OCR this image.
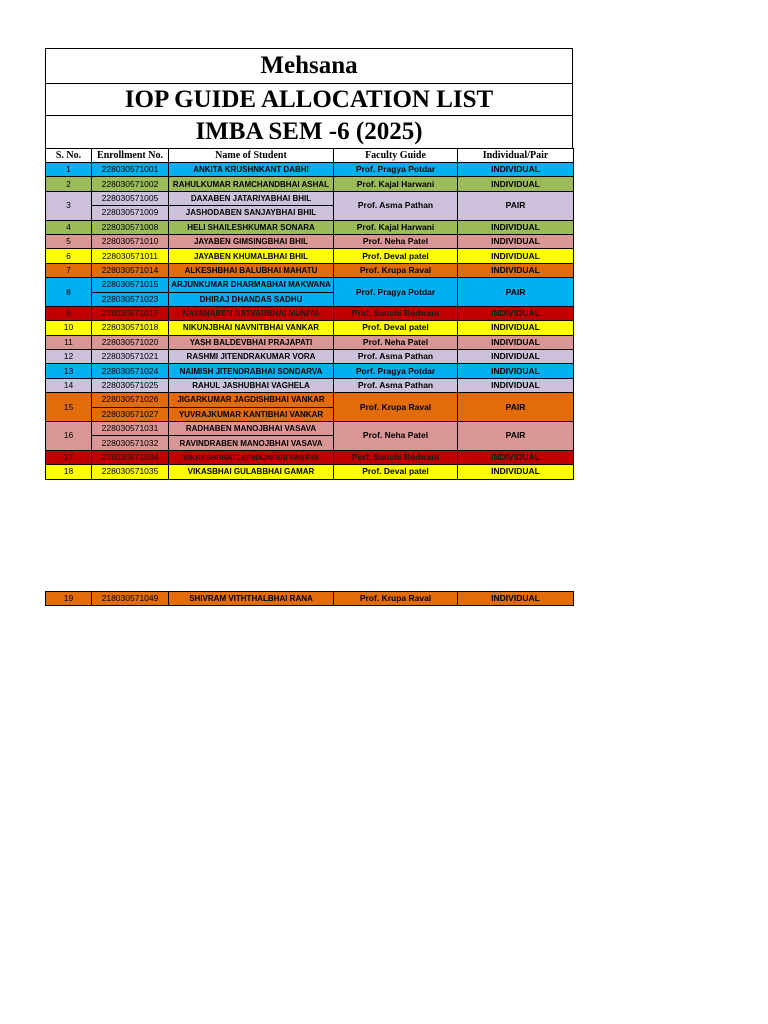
Mehsana
IOP GUIDE ALLOCATION LIST
IMBA SEM -6 (2025)
S. No.	Enrollment No.	Name of Student	Faculty Guide	Individual/Pair
1	228030571001	ANKITA KRUSHNKANT DABHI	Prof. Pragya Potdar	INDIVIDUAL
2	228030571002	RAHULKUMAR RAMCHANDBHAI ASHAL	Prof. Kajal Harwani	INDIVIDUAL
3	228030571005	DAXABEN JATARIYABHAI BHIL	Prof. Asma Pathan	PAIR
	228030571009	JASHODABEN SANJAYBHAI BHIL		
4	228030571008	HELI SHAILESHKUMAR SONARA	Prof. Kajal Harwani	INDIVIDUAL
5	228030571010	JAYABEN GIMSINGBHAI BHIL	Prof. Neha Patel	INDIVIDUAL
6	228030571011	JAYABEN KHUMALBHAI BHIL	Prof. Deval patel	INDIVIDUAL
7	228030571014	ALKESHBHAI BALUBHAI MAHATU	Prof. Krupa Raval	INDIVIDUAL
8	228030571015	ARJUNKUMAR DHARMABHAI MAKWANA	Prof. Pragya Potdar	PAIR
	228030571023	DHIRAJ DHANDAS SADHU		
9	228030571017	NAYANABEN NATVARBHAI MUNIYA	Prof. Sanchi Bodwani	INDIVIDUAL
10	228030571018	NIKUNJBHAI NAVNITBHAI VANKAR	Prof. Deval patel	INDIVIDUAL
11	228030571020	YASH BALDEVBHAI PRAJAPATI	Prof. Neha Patel	INDIVIDUAL
12	228030571021	RASHMI JITENDRAKUMAR VORA	Prof. Asma Pathan	INDIVIDUAL
13	228030571024	NAIMISH JITENDRABHAI SONDARVA	Porf. Pragya Potdar	INDIVIDUAL
14	228030571025	RAHUL JASHUBHAI VAGHELA	Prof. Asma Pathan	INDIVIDUAL
15	228030571026	JIGARKUMAR JAGDISHBHAI VANKAR	Prof. Krupa Raval	PAIR
	228030571027	YUVRAJKUMAR KANTIBHAI VANKAR		
16	228030571031	RADHABEN MANOJBHAI VASAVA	Prof. Neha Patel	PAIR
	228030571032	RAVINDRABEN MANOJBHAI VASAVA		
17	228030571034	VIKRESHBHAI LEEMAJIBHAI VASAVA	Porf. Sanchi Bodwani	INDIVIDUAL
18	228030571035	VIKASBHAI GULABBHAI GAMAR	Prof. Deval patel	INDIVIDUAL
19	218030571049	SHIVRAM VITHTHALBHAI RANA	Prof. Krupa Raval	INDIVIDUAL
